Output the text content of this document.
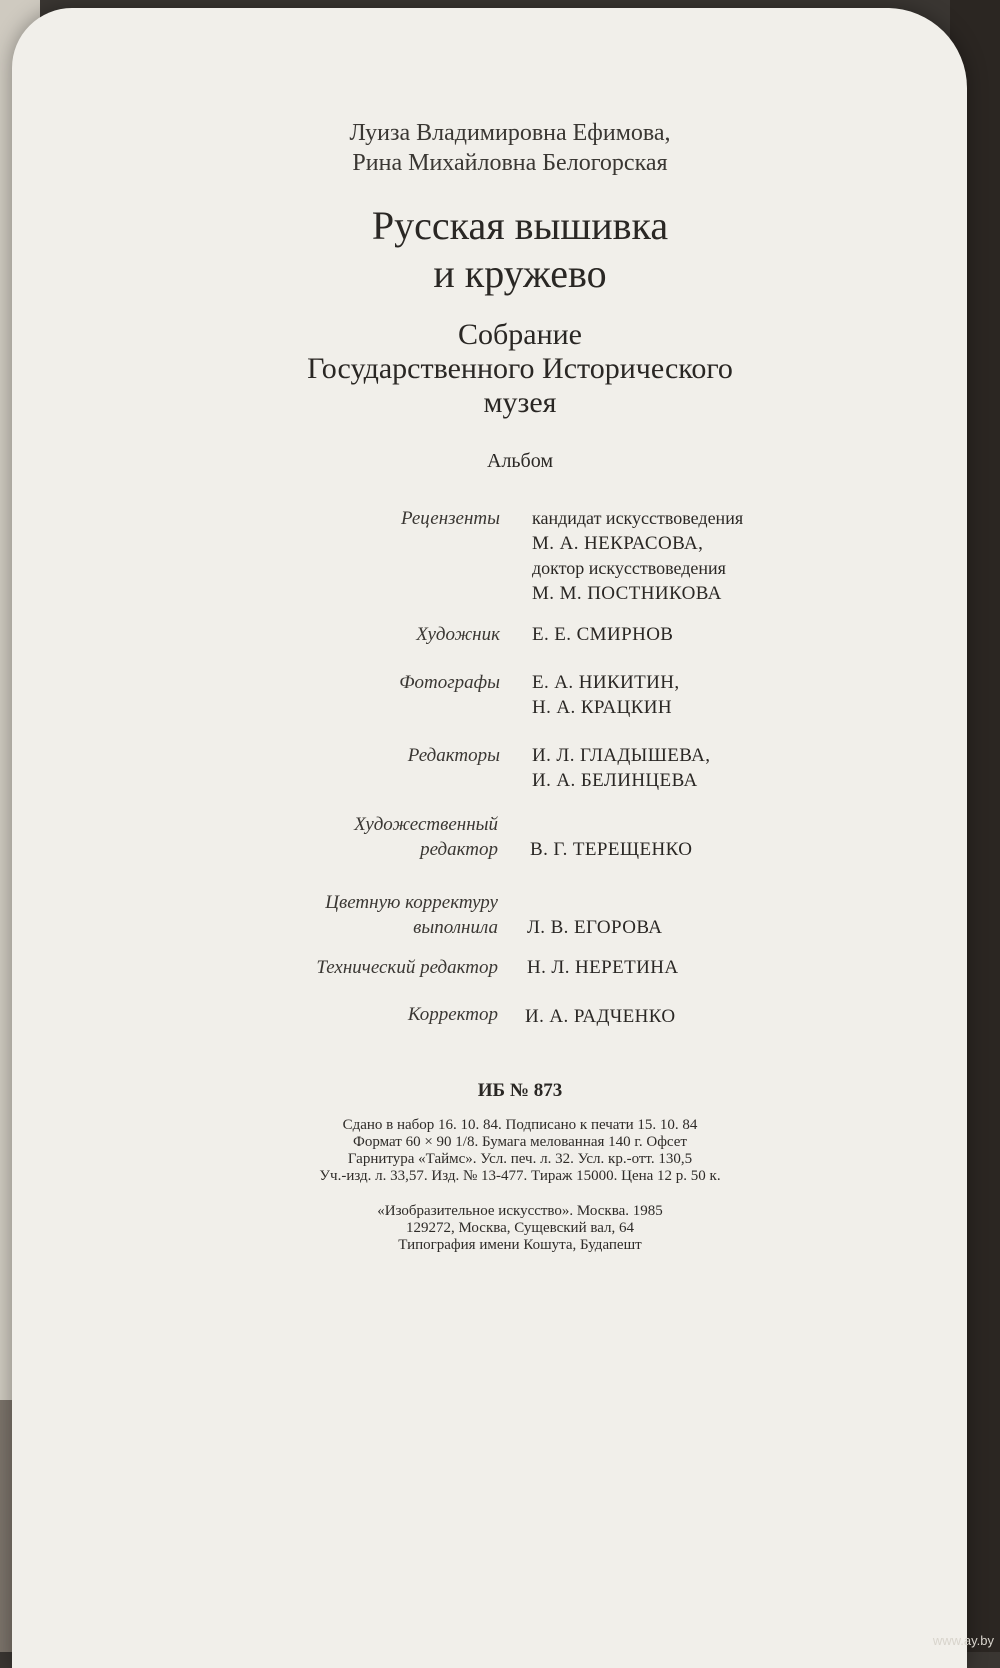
Луиза Владимировна Ефимова,
Рина Михайловна Белогорская
Русская вышивка
и кружево
Собрание
Государственного Исторического
музея
Альбом
Рецензенты кандидат искусствоведения
М. А. НЕКРАСОВА,
доктор искусствоведения
М. М. ПОСТНИКОВА
Художник Е. Е. СМИРНОВ
Фотографы Е. А. НИКИТИН,
Н. А. КРАЦКИН
Редакторы И. Л. ГЛАДЫШЕВА,
И. А. БЕЛИНЦЕВА
Художественный
редактор В. Г. ТЕРЕЩЕНКО
Цветную корректуру
выполнила Л. В. ЕГОРОВА
Технический редактор Н. Л. НЕРЕТИНА
Корректор И. А. РАДЧЕНКО
ИБ № 873
Сдано в набор 16. 10. 84. Подписано к печати 15. 10. 84
Формат 60 × 90 1/8. Бумага мелованная 140 г. Офсет
Гарнитура «Таймс». Усл. печ. л. 32. Усл. кр.-отт. 130,5
Уч.-изд. л. 33,57. Изд. № 13-477. Тираж 15000. Цена 12 р. 50 к.
«Изобразительное искусство». Москва. 1985
129272, Москва, Сущевский вал, 64
Типография имени Кошута, Будапешт
www.ay.by
